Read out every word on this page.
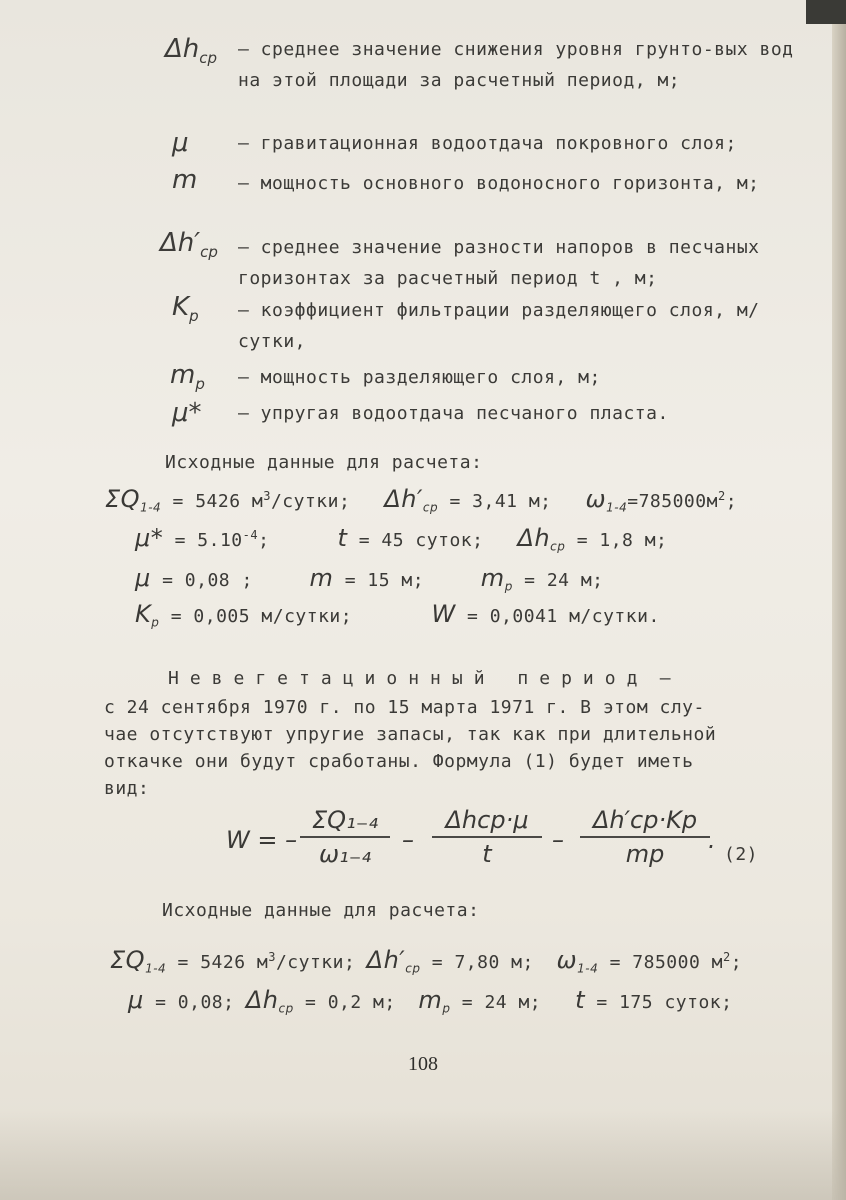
$\Delta h_{ср}$ – среднее значение снижения уровня грунто-вых вод на этой площади за расчетный период, м;
μ	– гравитационная водоотдача покровного слоя;
m – мощность основного водоносного горизонта, м;
$\Delta h'_{ср}$ – среднее значение разности напоров в песчаных горизонтах за расчетный период t , м;
$K_р$ – коэффициент фильтрации разделяющего слоя, м/сутки,
$m_р$ – мощность разделяющего слоя, м;
μ* – упругая водоотдача песчаного пласта.
Исходные данные для расчета:
$\Sigma Q_{1-4} = 5426$ $м^3$/сутки; $\Delta h'_{ср} = 3,41$ м; $\omega_{1-4}=785000м^2$;
$\mu* = 5.10^{-4}$;	t = 45 суток; $\Delta h_{ср} = 1,8$ м;
μ = 0,08 ; m = 15 м; $m_р = 24$ м;
$K_р = 0,005$ м/сутки;	W = 0,0041 м/сутки.
Невегетационный период –
с 24 сентября 1970 г. по 15 марта 1971 г. В этом слу-
чае отсутствуют упругие запасы, так как при длительной
откачке они будут сработаны. Формула (1) будет иметь
вид:
W = –
ΣQ₁₋₄
ω₁₋₄	–
Δhср·μ
t	–
Δh′ср·Kр
mр	.
(2)
Исходные данные для расчета:
$\Sigma Q_{1-4} = 5426$ $м^3$/сутки; $\Delta h'_{ср} = 7,80$ м; $\omega_{1-4} = 785000$ $м^2$;
μ = 0,08; $\Delta h_{ср} = 0,2$ м; $m_р = 24$ м; t = 175 суток;
108
